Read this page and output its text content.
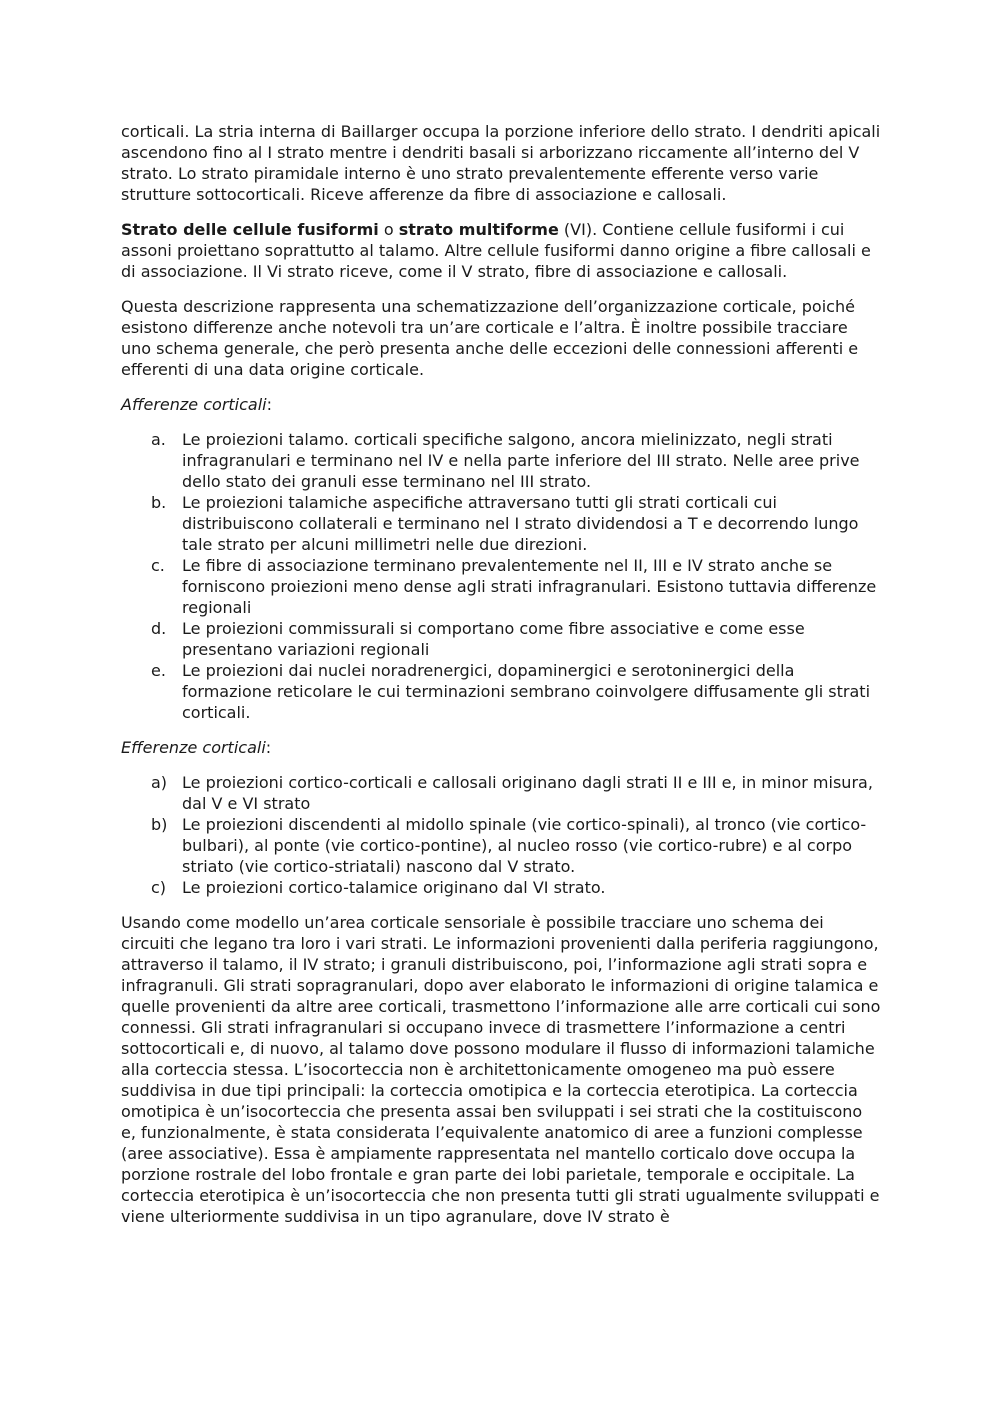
corticali. La stria interna di Baillarger occupa la porzione inferiore dello strato. I dendriti apicali ascendono fino al I strato mentre i dendriti basali si arborizzano riccamente all’interno del V strato. Lo strato piramidale interno è uno strato prevalentemente efferente verso varie strutture sottocorticali. Riceve afferenze da fibre di associazione e callosali.

Strato delle cellule fusiformi o strato multiforme (VI). Contiene cellule fusiformi i cui assoni proiettano soprattutto al talamo. Altre cellule fusiformi danno origine a fibre callosali e di associazione. Il Vi strato riceve, come il V strato, fibre di associazione e callosali.

Questa descrizione rappresenta una schematizzazione dell’organizzazione corticale, poiché esistono differenze anche notevoli tra un’are corticale e l’altra. È inoltre possibile tracciare uno schema generale, che però presenta anche delle eccezioni delle connessioni afferenti e efferenti di una data origine corticale.

Afferenze corticali:

a. Le proiezioni talamo. corticali specifiche salgono, ancora mielinizzato, negli strati infragranulari e terminano nel IV e nella parte inferiore del III strato. Nelle aree prive dello stato dei granuli esse terminano nel III strato.
b. Le proiezioni talamiche aspecifiche attraversano tutti gli strati corticali cui distribuiscono collaterali e terminano nel I strato dividendosi a T e decorrendo lungo tale strato per alcuni millimetri nelle due direzioni.
c. Le fibre di associazione terminano prevalentemente nel II, III e IV strato anche se forniscono proiezioni meno dense agli strati infragranulari. Esistono tuttavia differenze regionali
d. Le proiezioni commissurali si comportano come fibre associative e come esse presentano variazioni regionali
e. Le proiezioni dai nuclei noradrenergici, dopaminergici e serotoninergici della formazione reticolare le cui terminazioni sembrano coinvolgere diffusamente gli strati corticali.

Efferenze corticali:

a) Le proiezioni cortico-corticali e callosali originano dagli strati II e III e, in minor misura, dal V e VI strato
b) Le proiezioni discendenti al midollo spinale (vie cortico-spinali), al tronco (vie cortico-bulbari), al ponte (vie cortico-pontine), al nucleo rosso (vie cortico-rubre) e al corpo striato (vie cortico-striatali) nascono dal V strato.
c) Le proiezioni cortico-talamice originano dal VI strato.

Usando come modello un’area corticale sensoriale è possibile tracciare uno schema dei circuiti che legano tra loro i vari strati. Le informazioni provenienti dalla periferia raggiungono, attraverso il talamo, il IV strato; i granuli distribuiscono, poi, l’informazione agli strati sopra e infragranuli. Gli strati sopragranulari, dopo aver elaborato le informazioni di origine talamica e quelle provenienti da altre aree corticali, trasmettono l’informazione alle arre corticali cui sono connessi. Gli strati infragranulari si occupano invece di trasmettere l’informazione a centri sottocorticali e, di nuovo, al talamo dove possono modulare il flusso di informazioni talamiche alla corteccia stessa. L’isocorteccia non è architettonicamente omogeneo ma può essere suddivisa in due tipi principali: la corteccia omotipica e la corteccia eterotipica. La corteccia omotipica è un’isocorteccia che presenta assai ben sviluppati i sei strati che la costituiscono e, funzionalmente, è stata considerata l’equivalente anatomico di aree a funzioni complesse (aree associative). Essa è ampiamente rappresentata nel mantello corticalo dove occupa la porzione rostrale del lobo frontale e gran parte dei lobi parietale, temporale e occipitale. La corteccia eterotipica è un’isocorteccia che non presenta tutti gli strati ugualmente sviluppati e viene ulteriormente suddivisa in un tipo agranulare, dove IV strato è
